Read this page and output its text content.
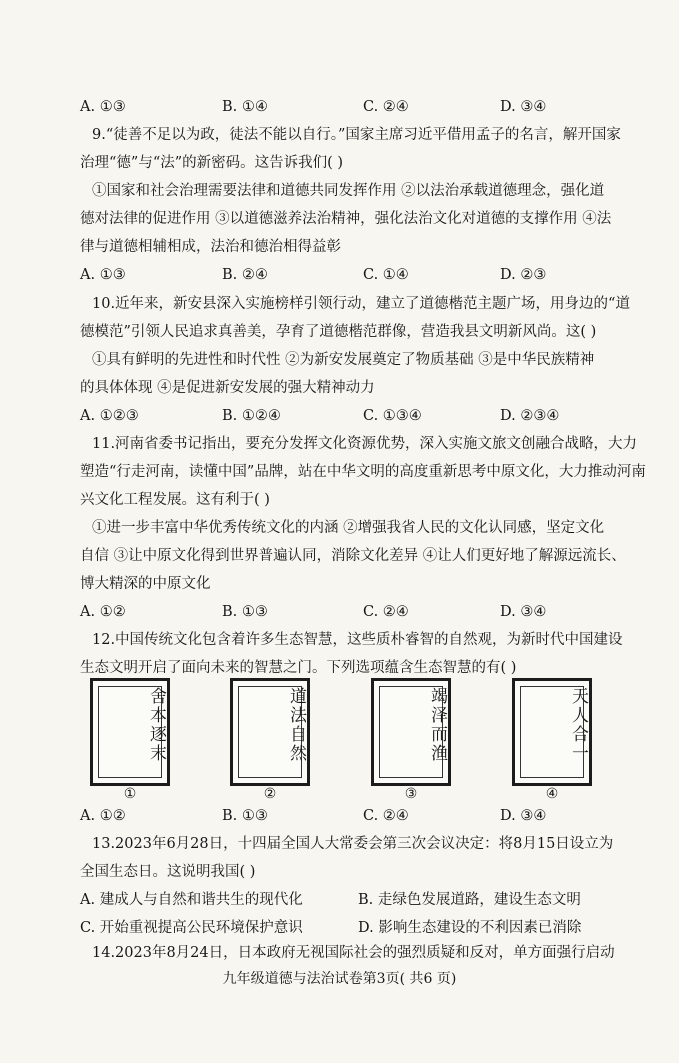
A. ①③	B. ①④	C. ②④	D. ③④
9.“徒善不足以为政，徒法不能以自行。”国家主席习近平借用孟子的名言，解开国家
治理“德”与“法”的新密码。这告诉我们( )
①国家和社会治理需要法律和道德共同发挥作用 ②以法治承载道德理念，强化道
德对法律的促进作用 ③以道德滋养法治精神，强化法治文化对道德的支撑作用 ④法
律与道德相辅相成，法治和德治相得益彰
A. ①③	B. ②④	C. ①④	D. ②③
10.近年来，新安县深入实施榜样引领行动，建立了道德楷范主题广场，用身边的“道
德模范”引领人民追求真善美，孕育了道德楷范群像，营造我县文明新风尚。这( )
①具有鲜明的先进性和时代性 ②为新安发展奠定了物质基础 ③是中华民族精神
的具体体现 ④是促进新安发展的强大精神动力
A. ①②③	B. ①②④	C. ①③④	D. ②③④
11.河南省委书记指出，要充分发挥文化资源优势，深入实施文旅文创融合战略，大力
塑造“行走河南，读懂中国”品牌，站在中华文明的高度重新思考中原文化，大力推动河南
兴文化工程发展。这有利于( )
①进一步丰富中华优秀传统文化的内涵 ②增强我省人民的文化认同感，坚定文化
自信 ③让中原文化得到世界普遍认同，消除文化差异 ④让人们更好地了解源远流长、
博大精深的中原文化
A. ①②	B. ①③	C. ②④	D. ③④
12.中国传统文化包含着许多生态智慧，这些质朴睿智的自然观，为新时代中国建设
生态文明开启了面向未来的智慧之门。下列选项蕴含生态智慧的有( )
舍本逐末	道法自然	竭泽而渔	天人合一
①	②	③	④
A. ①②	B. ①③	C. ②④	D. ③④
13.2023年6月28日，十四届全国人大常委会第三次会议决定：将8月15日设立为
全国生态日。这说明我国( )
A. 建成人与自然和谐共生的现代化	B. 走绿色发展道路，建设生态文明
C. 开始重视提高公民环境保护意识	D. 影响生态建设的不利因素已消除
14.2023年8月24日，日本政府无视国际社会的强烈质疑和反对，单方面强行启动
九年级道德与法治试卷第3页( 共6 页)
